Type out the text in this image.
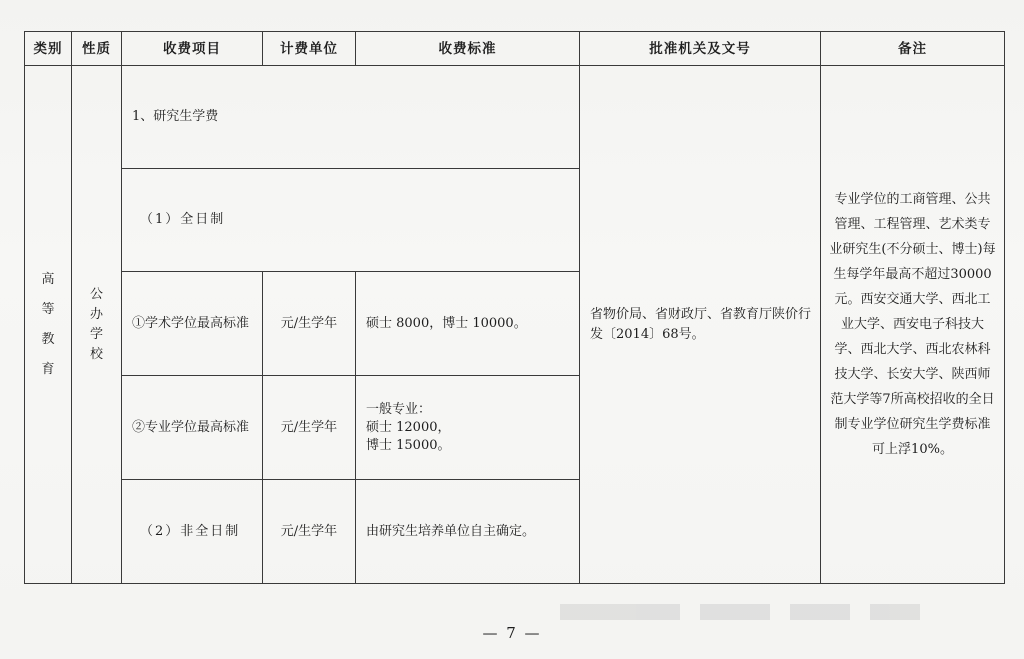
类别	性质	收费项目	计费单位	收费标准	批准机关及文号	备注

高
等
教
育	公
办
学
校	1、研究生学费			省物价局、省财政厅、省教育厅陕价行发〔2014〕68号。	专业学位的工商管理、公共管理、工程管理、艺术类专业研究生(不分硕士、博士)每生每学年最高不超过30000元。西安交通大学、西北工业大学、西安电子科技大学、西北大学、西北农林科技大学、长安大学、陕西师范大学等7所高校招收的全日制专业学位研究生学费标准可上浮10%。
		（1）全日制				
		①学术学位最高标准	元/生学年	硕士 8000，博士 10000。		
		②专业学位最高标准	元/生学年	一般专业：
硕士 12000，
博士 15000。		

		（2）非全日制	元/生学年	由研究生培养单位自主确定。		
— 7 —
